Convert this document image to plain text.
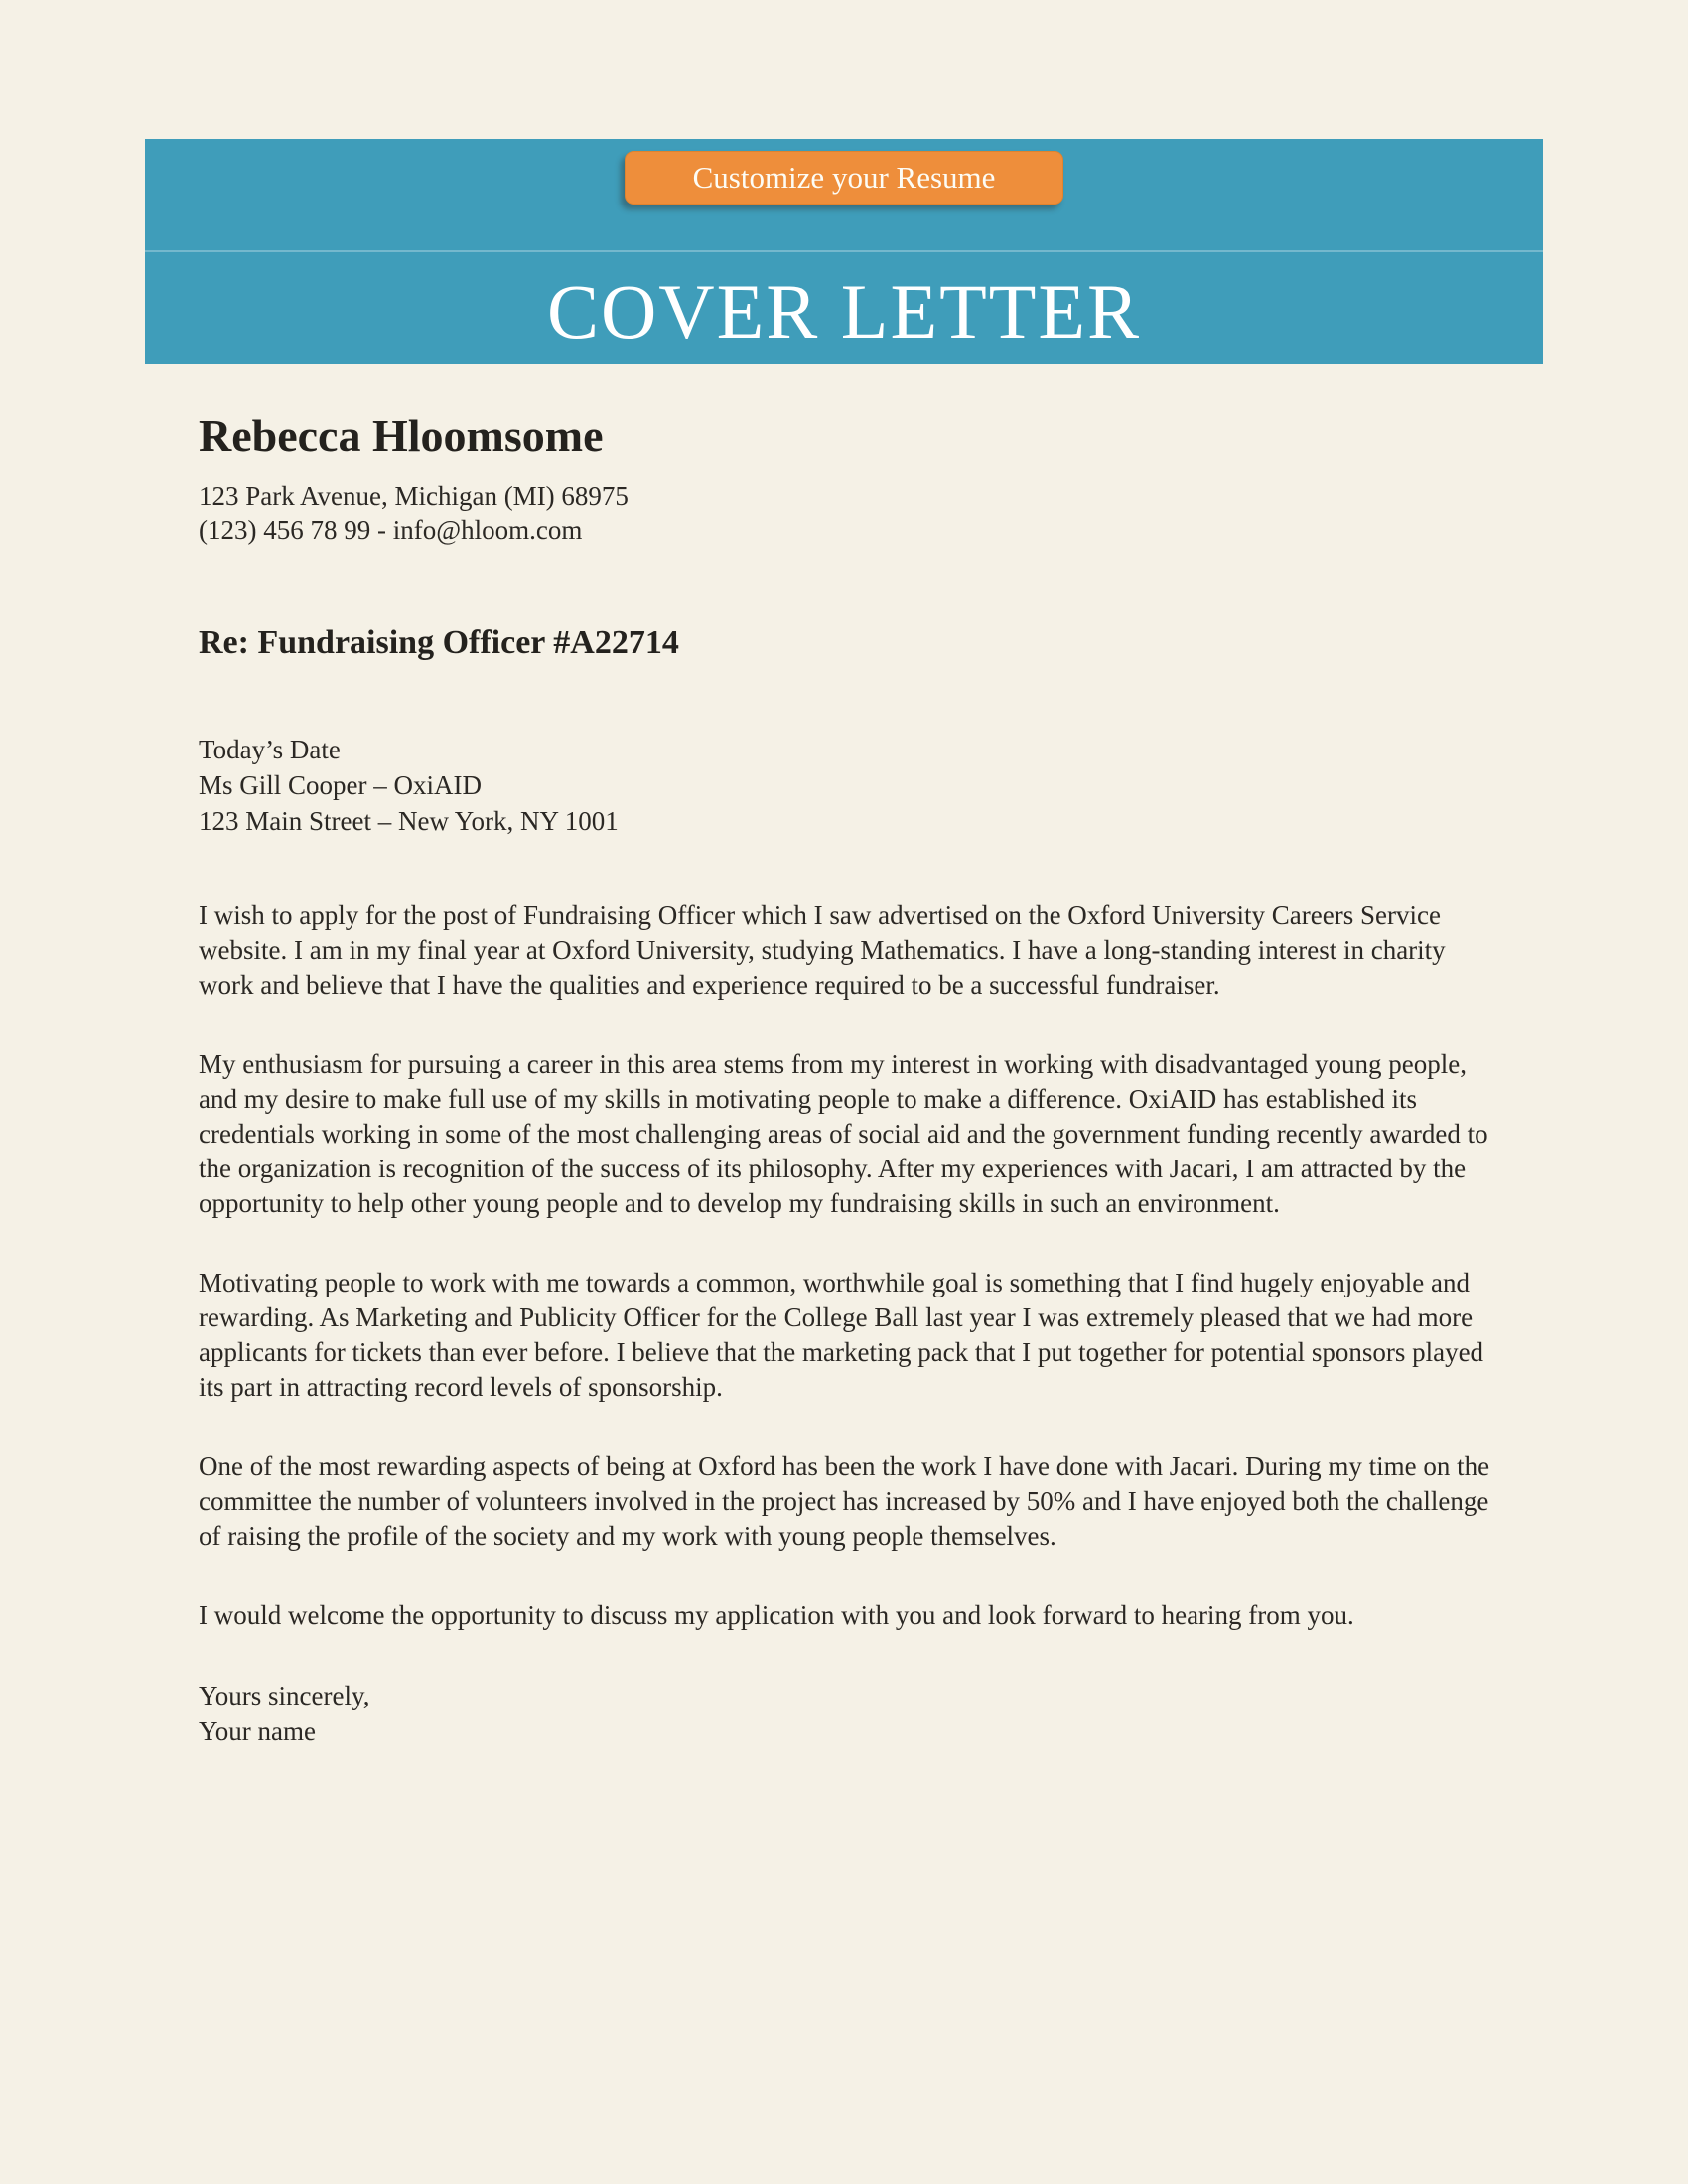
Customize your Resume
COVER LETTER
Rebecca Hloomsome
123 Park Avenue, Michigan (MI) 68975
(123) 456 78 99 - info@hloom.com
Re: Fundraising Officer #A22714
Today’s Date
Ms Gill Cooper – OxiAID
123 Main Street – New York, NY 1001

I wish to apply for the post of Fundraising Officer which I saw advertised on the Oxford University Careers Service website. I am in my final year at Oxford University, studying Mathematics. I have a long-standing interest in charity work and believe that I have the qualities and experience required to be a successful fundraiser.

My enthusiasm for pursuing a career in this area stems from my interest in working with disadvantaged young people, and my desire to make full use of my skills in motivating people to make a difference. OxiAID has established its credentials working in some of the most challenging areas of social aid and the government funding recently awarded to the organization is recognition of the success of its philosophy. After my experiences with Jacari, I am attracted by the opportunity to help other young people and to develop my fundraising skills in such an environment.

Motivating people to work with me towards a common, worthwhile goal is something that I find hugely enjoyable and rewarding. As Marketing and Publicity Officer for the College Ball last year I was extremely pleased that we had more applicants for tickets than ever before. I believe that the marketing pack that I put together for potential sponsors played its part in attracting record levels of sponsorship.

One of the most rewarding aspects of being at Oxford has been the work I have done with Jacari. During my time on the committee the number of volunteers involved in the project has increased by 50% and I have enjoyed both the challenge of raising the profile of the society and my work with young people themselves.

I would welcome the opportunity to discuss my application with you and look forward to hearing from you.

Yours sincerely,
Your name
